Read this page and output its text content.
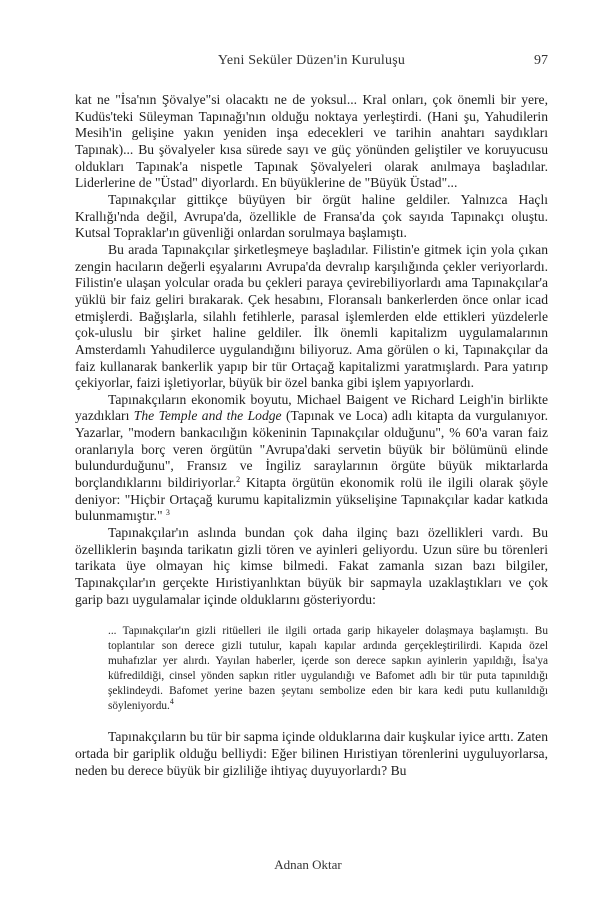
Yeni Seküler Düzen'in Kuruluşu	97

kat ne "İsa'nın Şövalye"si olacaktı ne de yoksul... Kral onları, çok önemli bir yere, Kudüs'teki Süleyman Tapınağı'nın olduğu noktaya yerleştirdi. (Hani şu, Yahudilerin Mesih'in gelişine yakın yeniden inşa edecekleri ve tarihin anahtarı saydıkları Tapınak)... Bu şövalyeler kısa sürede sayı ve güç yönünden geliştiler ve koruyucusu oldukları Tapınak'a nispetle Tapınak Şövalyeleri olarak anılmaya başladılar. Liderlerine de "Üstad" diyorlardı. En büyüklerine de "Büyük Üstad"...

Tapınakçılar gittikçe büyüyen bir örgüt haline geldiler. Yalnızca Haçlı Krallığı'nda değil, Avrupa'da, özellikle de Fransa'da çok sayıda Tapınakçı oluştu. Kutsal Topraklar'ın güvenliği onlardan sorulmaya başlamıştı.

Bu arada Tapınakçılar şirketleşmeye başladılar. Filistin'e gitmek için yola çıkan zengin hacıların değerli eşyalarını Avrupa'da devralıp karşılığında çekler veriyorlardı. Filistin'e ulaşan yolcular orada bu çekleri paraya çevirebiliyorlardı ama Tapınakçılar'a yüklü bir faiz geliri bırakarak. Çek hesabını, Floransalı bankerlerden önce onlar icad etmişlerdi. Bağışlarla, silahlı fetihlerle, parasal işlemlerden elde ettikleri yüzdelerle çok-uluslu bir şirket haline geldiler. İlk önemli kapitalizm uygulamalarının Amsterdamlı Yahudilerce uygulandığını biliyoruz. Ama görülen o ki, Tapınakçılar da faiz kullanarak bankerlik yapıp bir tür Ortaçağ kapitalizmi yaratmışlardı. Para yatırıp çekiyorlar, faizi işletiyorlar, büyük bir özel banka gibi işlem yapıyorlardı.

Tapınakçıların ekonomik boyutu, Michael Baigent ve Richard Leigh'in birlikte yazdıkları The Temple and the Lodge (Tapınak ve Loca) adlı kitapta da vurgulanıyor. Yazarlar, "modern bankacılığın kökeninin Tapınakçılar olduğunu", % 60'a varan faiz oranlarıyla borç veren örgütün "Avrupa'daki servetin büyük bir bölümünü elinde bulundurduğunu", Fransız ve İngiliz saraylarının örgüte büyük miktarlarda borçlandıklarını bildiriyorlar.$^2$ Kitapta örgütün ekonomik rolü ile ilgili olarak şöyle deniyor: "Hiçbir Ortaçağ kurumu kapitalizmin yükselişine Tapınakçılar kadar katkıda bulunmamıştır." $^3$

Tapınakçılar'ın aslında bundan çok daha ilginç bazı özellikleri vardı. Bu özelliklerin başında tarikatın gizli tören ve ayinleri geliyordu. Uzun süre bu törenleri tarikata üye olmayan hiç kimse bilmedi. Fakat zamanla sızan bazı bilgiler, Tapınakçılar'ın gerçekte Hıristiyanlıktan büyük bir sapmayla uzaklaştıkları ve çok garip bazı uygulamalar içinde olduklarını gösteriyordu:

... Tapınakçılar'ın gizli ritüelleri ile ilgili ortada garip hikayeler dolaşmaya başlamıştı. Bu toplantılar son derece gizli tutulur, kapalı kapılar ardında gerçekleştirilirdi. Kapıda özel muhafızlar yer alırdı. Yayılan haberler, içerde son derece sapkın ayinlerin yapıldığı, İsa'ya küfredildiği, cinsel yönden sapkın ritler uygulandığı ve Bafomet adlı bir tür puta tapınıldığı şeklindeydi. Bafomet yerine bazen şeytanı sembolize eden bir kara kedi putu kullanıldığı söyleniyordu.$^4$

Tapınakçıların bu tür bir sapma içinde olduklarına dair kuşkular iyice arttı. Zaten ortada bir gariplik olduğu belliydi: Eğer bilinen Hıristiyan törenlerini uyguluyorlarsa, neden bu derece büyük bir gizliliğe ihtiyaç duyuyorlardı? Bu

Adnan Oktar
